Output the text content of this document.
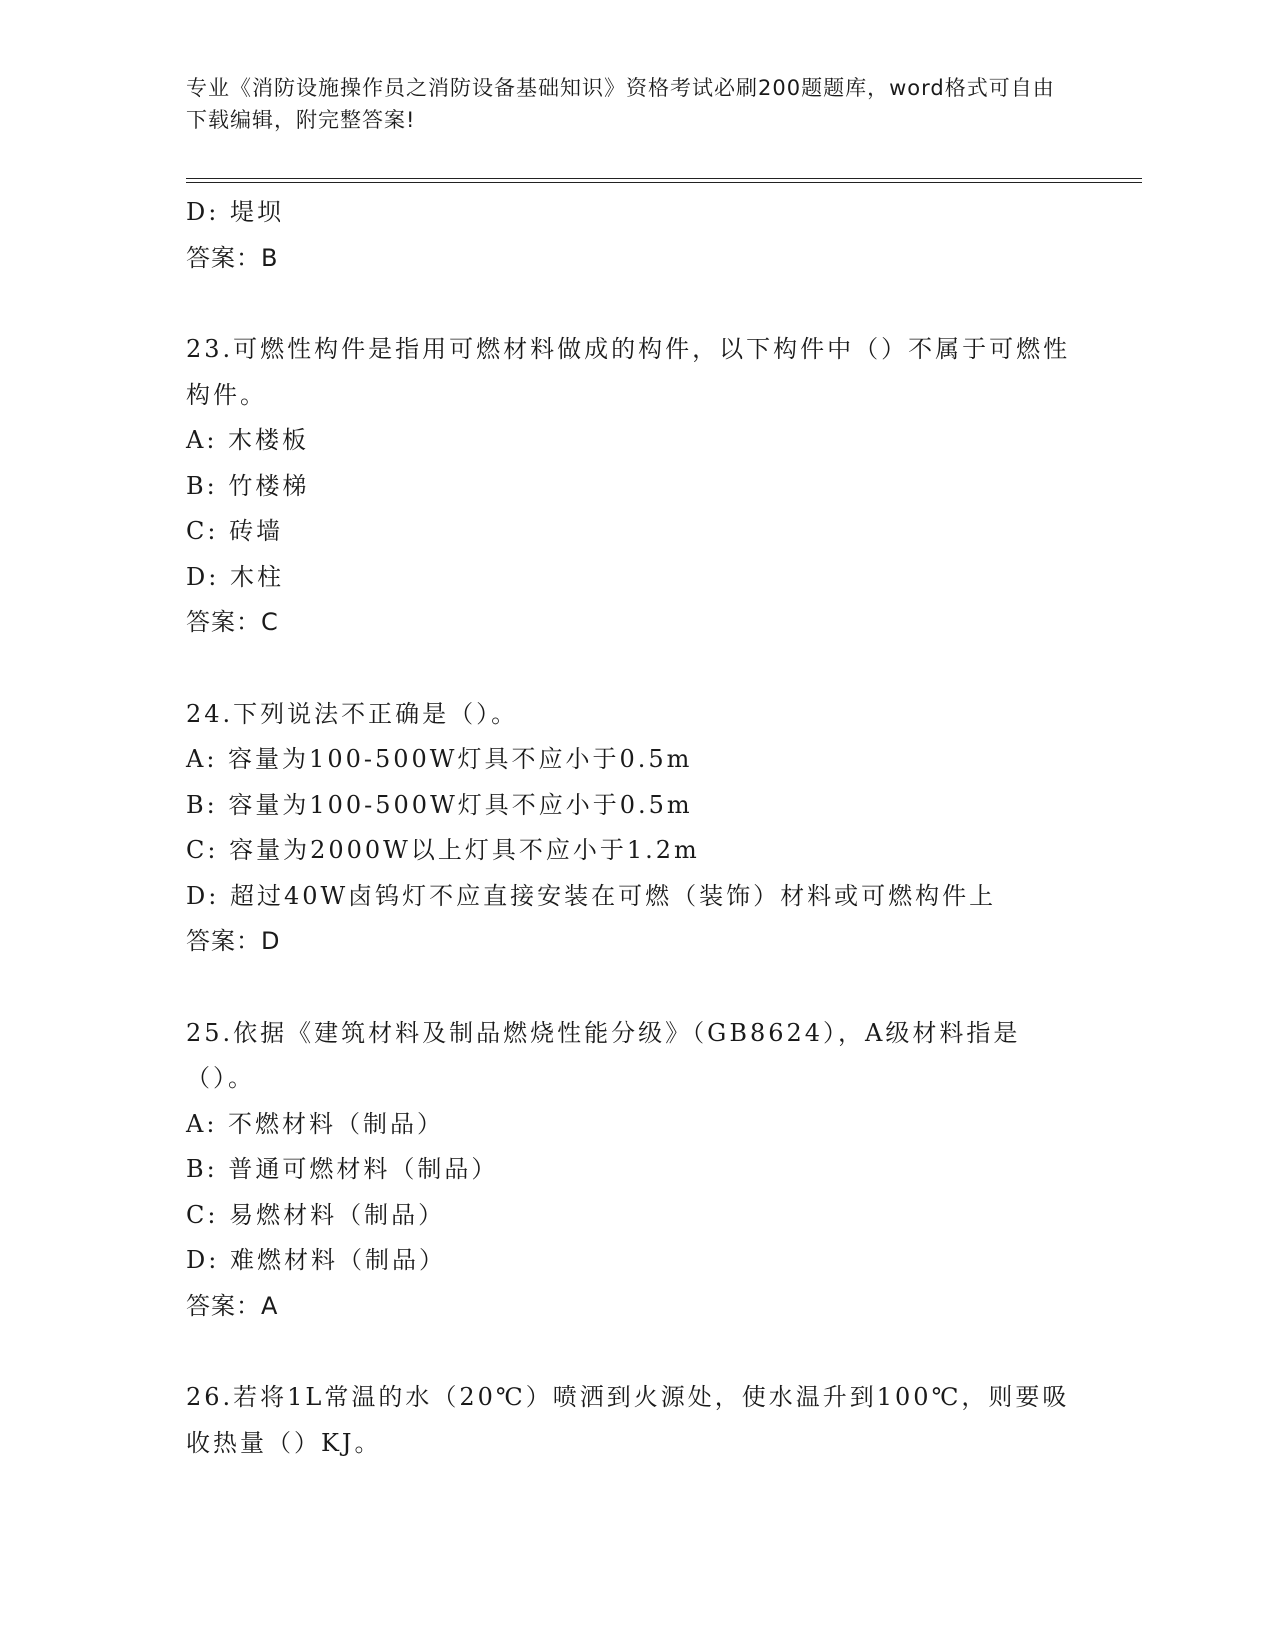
专业《消防设施操作员之消防设备基础知识》资格考试必刷200题题库，word格式可自由下载编辑，附完整答案!
D: 堤坝
答案：B
23.可燃性构件是指用可燃材料做成的构件，以下构件中（）不属于可燃性构件。
A: 木楼板
B: 竹楼梯
C: 砖墙
D: 木柱
答案：C
24.下列说法不正确是（）。
A: 容量为100-500W灯具不应小于0.5m
B: 容量为100-500W灯具不应小于0.5m
C: 容量为2000W以上灯具不应小于1.2m
D: 超过40W卤钨灯不应直接安装在可燃（装饰）材料或可燃构件上
答案：D
25.依据《建筑材料及制品燃烧性能分级》（GB8624），A级材料指是（）。
A: 不燃材料（制品）
B: 普通可燃材料（制品）
C: 易燃材料（制品）
D: 难燃材料（制品）
答案：A
26.若将1L常温的水（20℃）喷洒到火源处，使水温升到100℃，则要吸收热量（）KJ。
